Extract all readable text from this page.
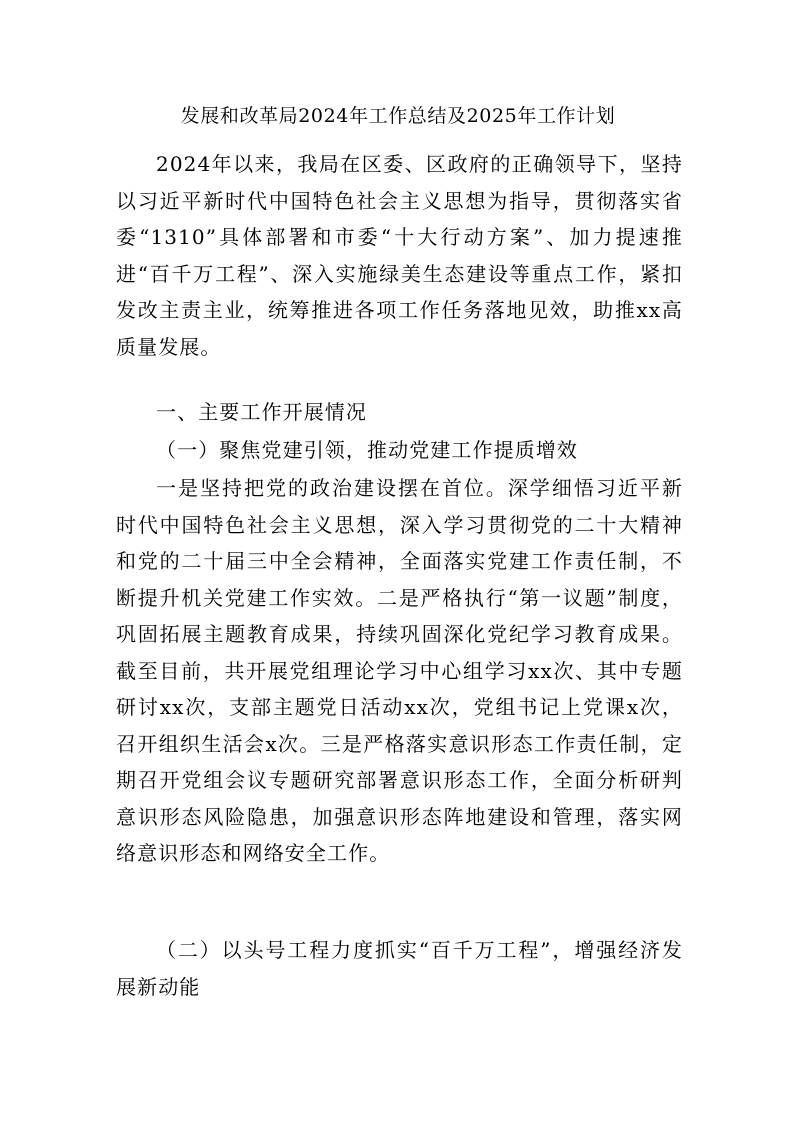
发展和改革局2024年工作总结及2025年工作计划

2024年以来，我局在区委、区政府的正确领导下，坚持以习近平新时代中国特色社会主义思想为指导，贯彻落实省委“1310”具体部署和市委“十大行动方案”、加力提速推进“百千万工程”、深入实施绿美生态建设等重点工作，紧扣发改主责主业，统筹推进各项工作任务落地见效，助推xx高质量发展。

一、主要工作开展情况

（一）聚焦党建引领，推动党建工作提质增效

一是坚持把党的政治建设摆在首位。深学细悟习近平新时代中国特色社会主义思想，深入学习贯彻党的二十大精神和党的二十届三中全会精神，全面落实党建工作责任制，不断提升机关党建工作实效。二是严格执行“第一议题”制度，巩固拓展主题教育成果，持续巩固深化党纪学习教育成果。截至目前，共开展党组理论学习中心组学习xx次、其中专题研讨xx次，支部主题党日活动xx次，党组书记上党课x次，召开组织生活会x次。三是严格落实意识形态工作责任制，定期召开党组会议专题研究部署意识形态工作，全面分析研判意识形态风险隐患，加强意识形态阵地建设和管理，落实网络意识形态和网络安全工作。

（二）以头号工程力度抓实“百千万工程”，增强经济发展新动能
